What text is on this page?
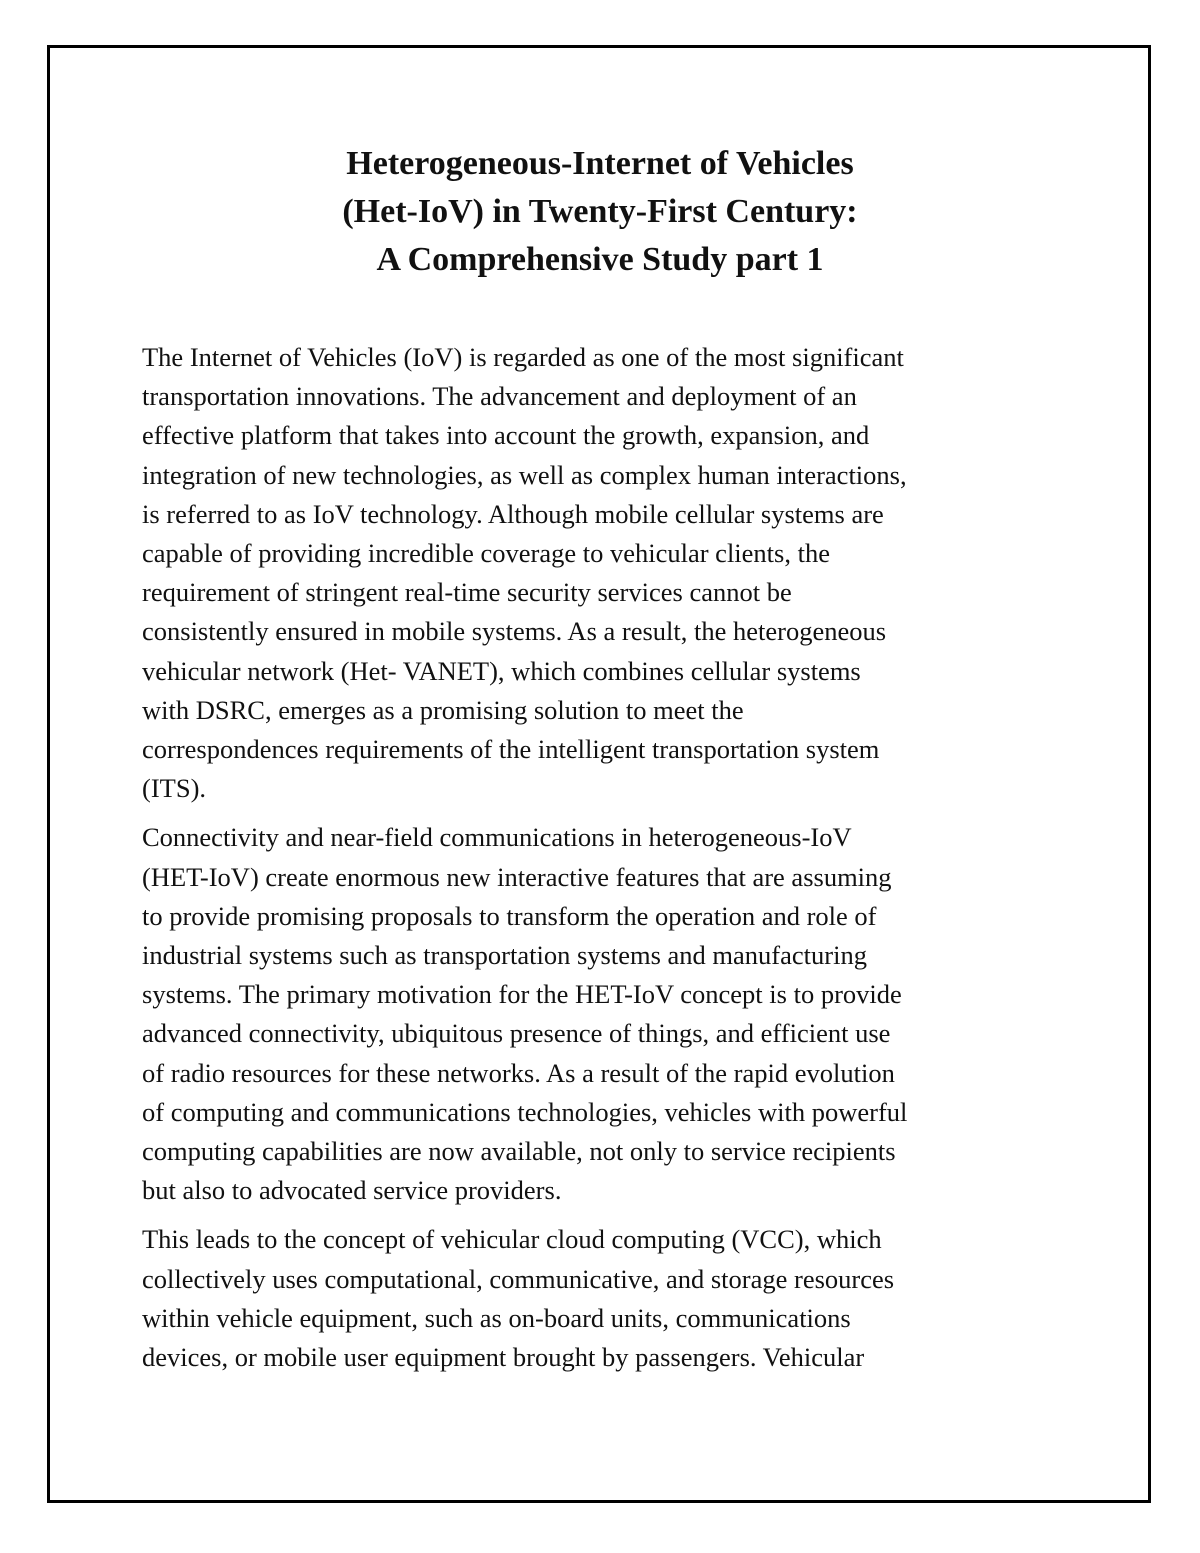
Heterogeneous-Internet of Vehicles
(Het-IoV) in Twenty-First Century:
A Comprehensive Study part 1

The Internet of Vehicles (IoV) is regarded as one of the most significant
transportation innovations. The advancement and deployment of an
effective platform that takes into account the growth, expansion, and
integration of new technologies, as well as complex human interactions,
is referred to as IoV technology. Although mobile cellular systems are
capable of providing incredible coverage to vehicular clients, the
requirement of stringent real-time security services cannot be
consistently ensured in mobile systems. As a result, the heterogeneous
vehicular network (Het- VANET), which combines cellular systems
with DSRC, emerges as a promising solution to meet the
correspondences requirements of the intelligent transportation system
(ITS).

Connectivity and near-field communications in heterogeneous-IoV
(HET-IoV) create enormous new interactive features that are assuming
to provide promising proposals to transform the operation and role of
industrial systems such as transportation systems and manufacturing
systems. The primary motivation for the HET-IoV concept is to provide
advanced connectivity, ubiquitous presence of things, and efficient use
of radio resources for these networks. As a result of the rapid evolution
of computing and communications technologies, vehicles with powerful
computing capabilities are now available, not only to service recipients
but also to advocated service providers.

This leads to the concept of vehicular cloud computing (VCC), which
collectively uses computational, communicative, and storage resources
within vehicle equipment, such as on-board units, communications
devices, or mobile user equipment brought by passengers. Vehicular
